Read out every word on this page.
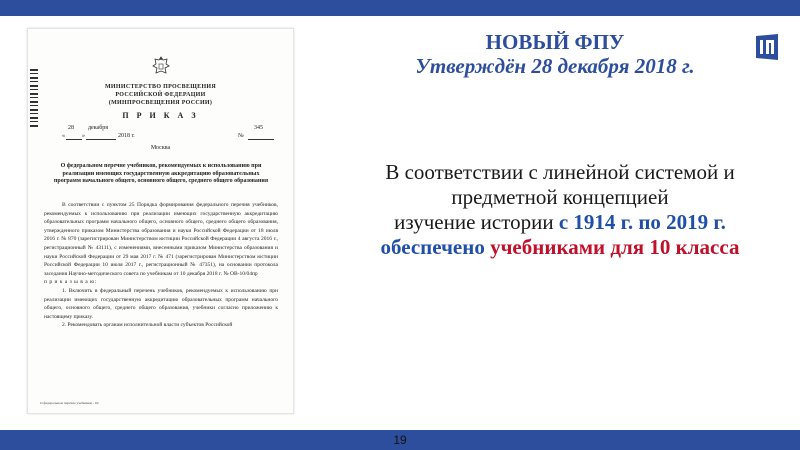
МИНИСТЕРСТВО ПРОСВЕЩЕНИЯ
РОССИЙСКОЙ ФЕДЕРАЦИИ
(МИНПРОСВЕЩЕНИЯ РОССИИ)
П Р И К А З
«
28
»
декабря
2018 г.	№
345
Москва
О федеральном перечне учебников, рекомендуемых к использованию при реализации имеющих государственную аккредитацию образовательных программ начального общего, основного общего, среднего общего образования

В соответствии с пунктом 25 Порядка формирования федерального перечня учебников, рекомендуемых к использованию при реализации имеющих государственную аккредитацию образовательных программ начального общего, основного общего, среднего общего образования, утвержденного приказом Министерства образования и науки Российской Федерации от 18 июля 2016 г. № 870 (зарегистрирован Министерством юстиции Российской Федерации 4 августа 2016 г., регистрационный № 43111), с изменениями, внесенными приказом Министерства образования и науки Российской Федерации от 29 мая 2017 г. № 471 (зарегистрирован Министерством юстиции Российской Федерации 10 июля 2017 г., регистрационный № 47351), на основании протокола заседания Научно-методического совета по учебникам от 10 декабря 2018 г. № ОВ-10/04пр

п р и к а з ы в а ю:

1. Включить в федеральный перечень учебников, рекомендуемых к использованию при реализации имеющих государственную аккредитацию образовательных программ начального общего, основного общего, среднего общего образования, учебники согласно приложению к настоящему приказу.

2. Рекомендовать органам исполнительной власти субъектов Российской

О федеральном перечне учебников - 04
НОВЫЙ ФПУ
Утверждён 28 декабря 2018 г.
В соответствии с линейной системой и
предметной концепцией
изучение истории с 1914 г. по 2019 г.
обеспечено учебниками для 10 класса
19
